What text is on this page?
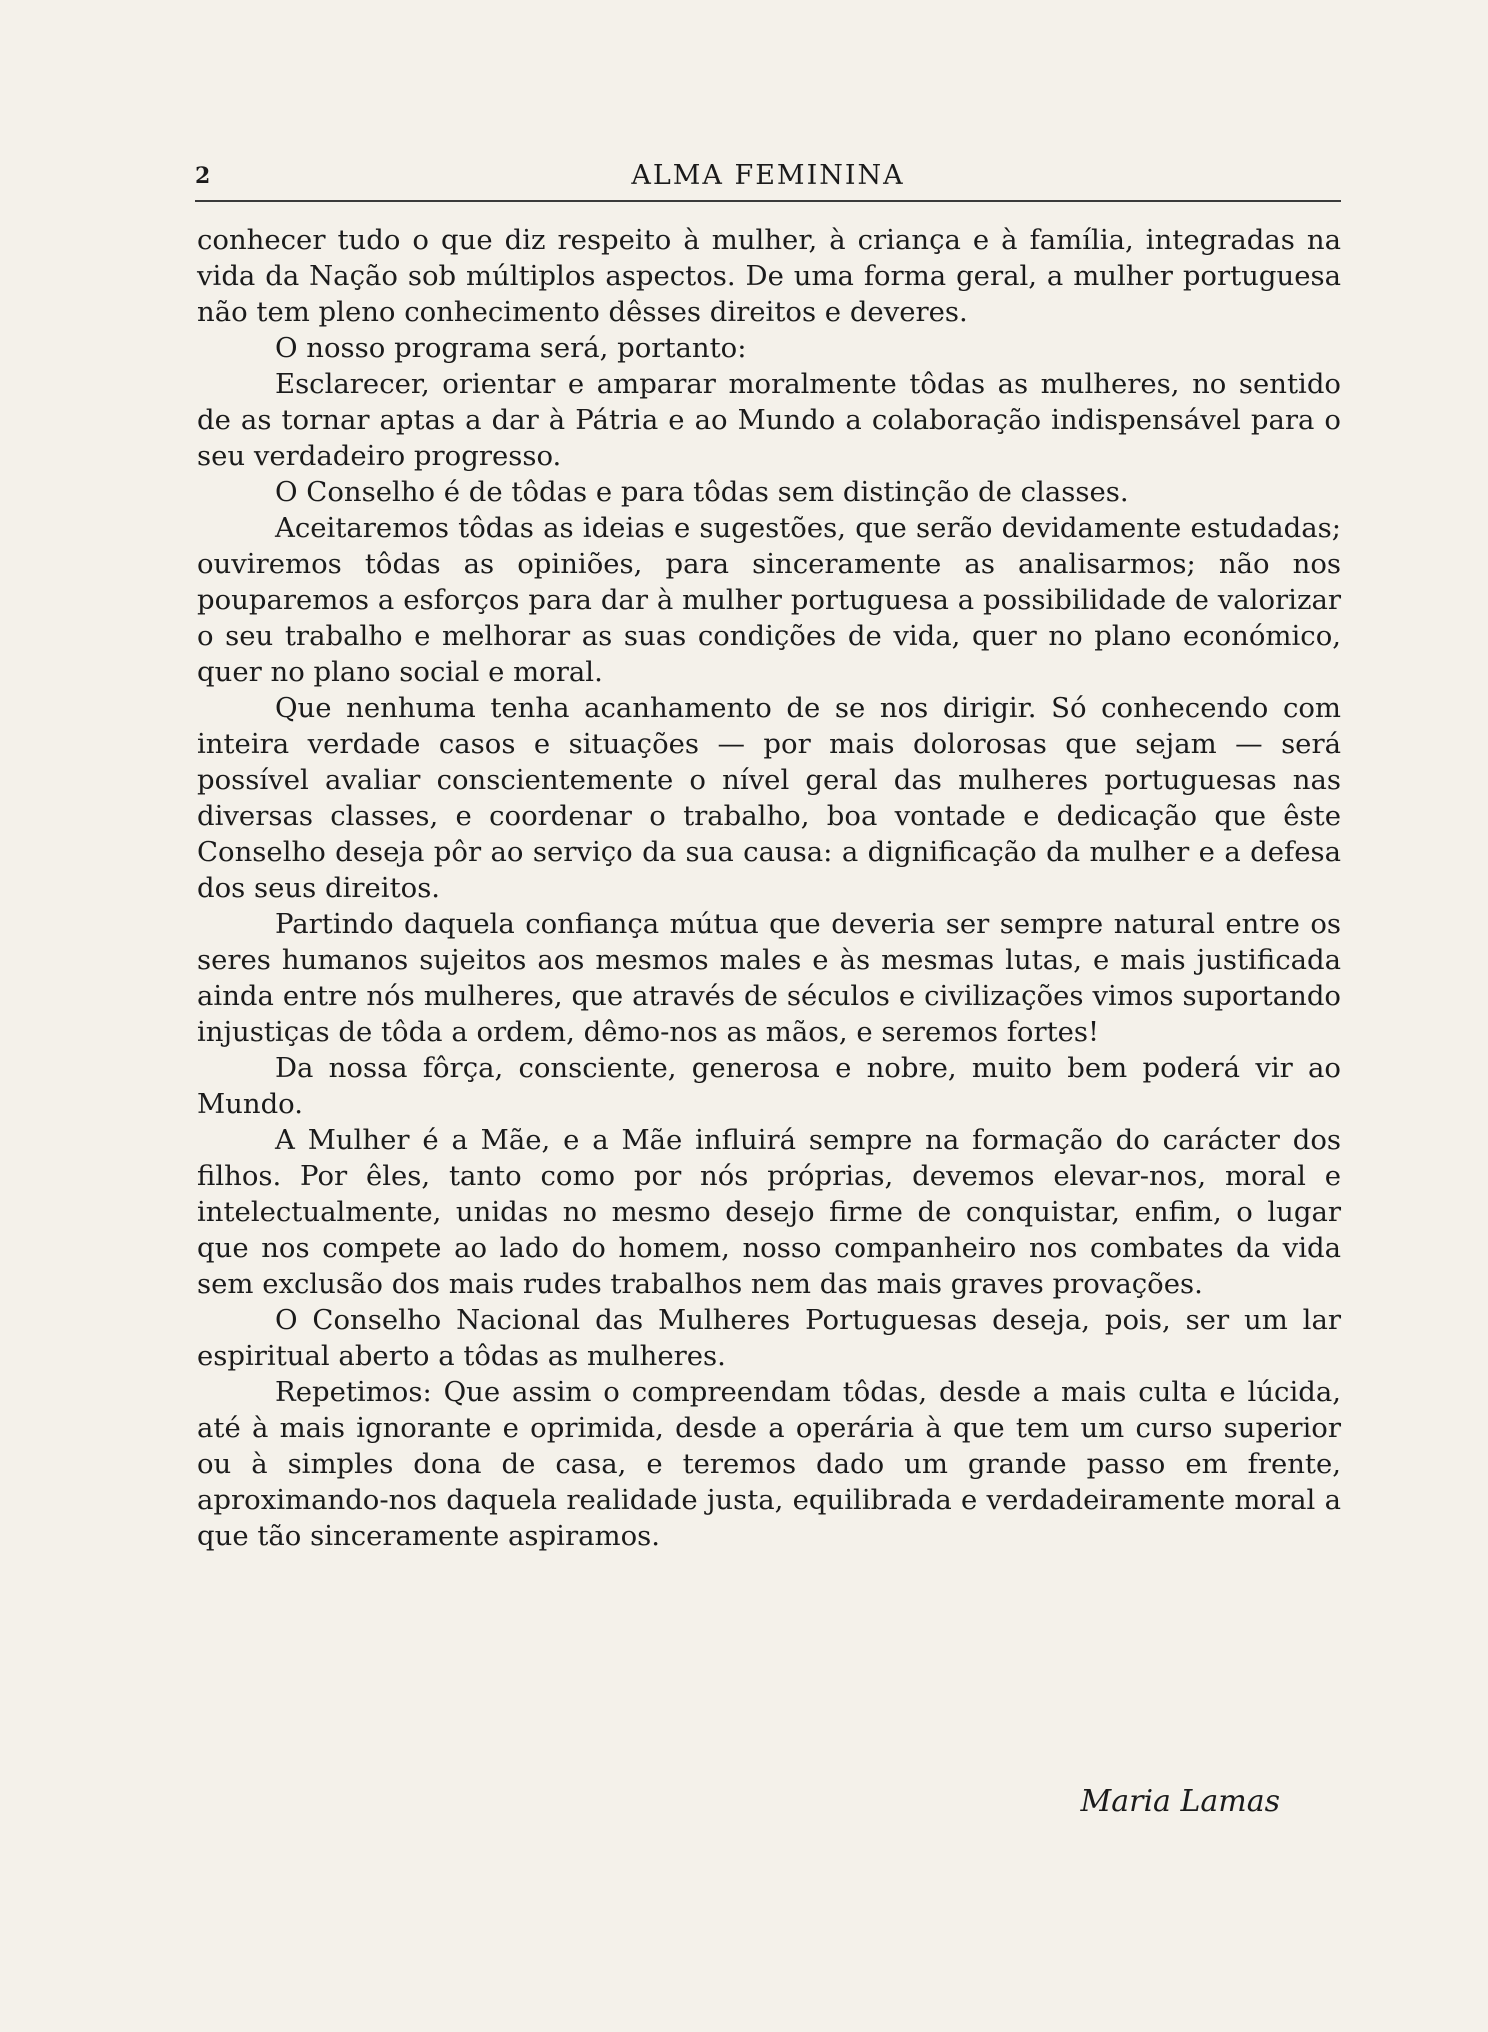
2	ALMA FEMININA

conhecer tudo o que diz respeito à mulher, à criança e à família, integradas na vida da Nação sob múltiplos aspectos. De uma forma geral, a mulher portuguesa não tem pleno conhecimento dêsses direitos e deveres.

O nosso programa será, portanto:

Esclarecer, orientar e amparar moralmente tôdas as mulheres, no sentido de as tornar aptas a dar à Pátria e ao Mundo a colaboração indispensável para o seu verdadeiro progresso.

O Conselho é de tôdas e para tôdas sem distinção de classes.

Aceitaremos tôdas as ideias e sugestões, que serão devidamente estudadas; ouviremos tôdas as opiniões, para sinceramente as analisarmos; não nos pouparemos a esforços para dar à mulher portuguesa a possibilidade de valorizar o seu trabalho e melhorar as suas condições de vida, quer no plano económico, quer no plano social e moral.

Que nenhuma tenha acanhamento de se nos dirigir. Só conhecendo com inteira verdade casos e situações — por mais dolorosas que sejam — será possível avaliar conscientemente o nível geral das mulheres portuguesas nas diversas classes, e coordenar o trabalho, boa vontade e dedicação que êste Conselho deseja pôr ao serviço da sua causa: a dignificação da mulher e a defesa dos seus direitos.

Partindo daquela confiança mútua que deveria ser sempre natural entre os seres humanos sujeitos aos mesmos males e às mesmas lutas, e mais justificada ainda entre nós mulheres, que através de séculos e civilizações vimos suportando injustiças de tôda a ordem, dêmo-nos as mãos, e seremos fortes!

Da nossa fôrça, consciente, generosa e nobre, muito bem poderá vir ao Mundo.

A Mulher é a Mãe, e a Mãe influirá sempre na formação do carácter dos filhos. Por êles, tanto como por nós próprias, devemos elevar-nos, moral e intelectualmente, unidas no mesmo desejo firme de conquistar, enfim, o lugar que nos compete ao lado do homem, nosso companheiro nos combates da vida sem exclusão dos mais rudes trabalhos nem das mais graves provações.

O Conselho Nacional das Mulheres Portuguesas deseja, pois, ser um lar espiritual aberto a tôdas as mulheres.

Repetimos: Que assim o compreendam tôdas, desde a mais culta e lúcida, até à mais ignorante e oprimida, desde a operária à que tem um curso superior ou à simples dona de casa, e teremos dado um grande passo em frente, aproximando-nos daquela realidade justa, equilibrada e verdadeiramente moral a que tão sinceramente aspiramos.

Maria Lamas
